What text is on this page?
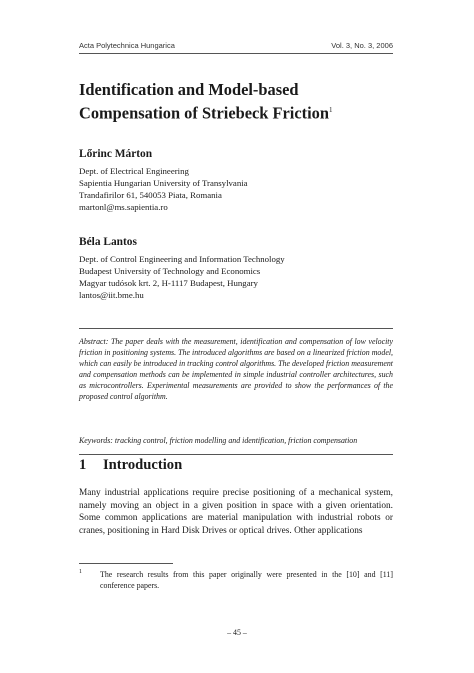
Acta Polytechnica Hungarica	Vol. 3, No. 3, 2006
Identification and Model-based Compensation of Striebeck Friction$^1$

Lőrinc Márton

Dept. of Electrical Engineering
Sapientia Hungarian University of Transylvania
Trandafirilor 61, 540053 Piata, Romania
martonl@ms.sapientia.ro

Béla Lantos

Dept. of Control Engineering and Information Technology
Budapest University of Technology and Economics
Magyar tudósok krt. 2, H-1117 Budapest, Hungary
lantos@iit.bme.hu

Abstract: The paper deals with the measurement, identification and compensation of low velocity friction in positioning systems. The introduced algorithms are based on a linearized friction model, which can easily be introduced in tracking control algorithms. The developed friction measurement and compensation methods can be implemented in simple industrial controller architectures, such as microcontrollers. Experimental measurements are provided to show the performances of the proposed control algorithm.

Keywords: tracking control, friction modelling and identification, friction compensation

1 Introduction

Many industrial applications require precise positioning of a mechanical system, namely moving an object in a given position in space with a given orientation. Some common applications are material manipulation with industrial robots or cranes, positioning in Hard Disk Drives or optical drives. Other applications

1 The research results from this paper originally were presented in the [10] and [11] conference papers.
– 45 –
